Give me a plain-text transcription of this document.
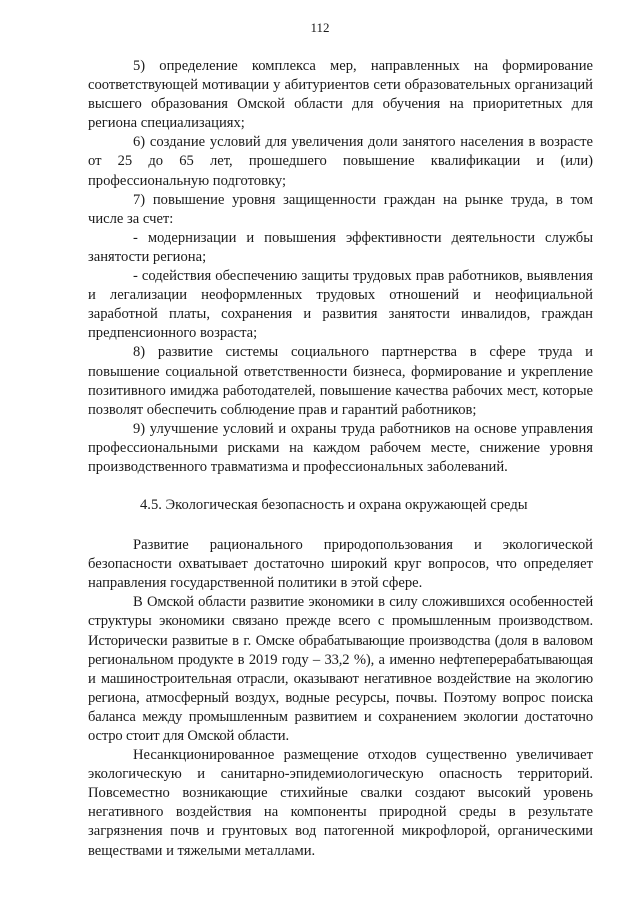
112

5) определение комплекса мер, направленных на формирование соответствующей мотивации у абитуриентов сети образовательных организаций высшего образования Омской области для обучения на приоритетных для региона специализациях;

6) создание условий для увеличения доли занятого населения в возрасте от 25 до 65 лет, прошедшего повышение квалификации и (или) профессиональную подготовку;

7) повышение уровня защищенности граждан на рынке труда, в том числе за счет:

- модернизации и повышения эффективности деятельности службы занятости региона;

- содействия обеспечению защиты трудовых прав работников, выявления и легализации неоформленных трудовых отношений и неофициальной заработной платы, сохранения и развития занятости инвалидов, граждан предпенсионного возраста;

8) развитие системы социального партнерства в сфере труда и повышение социальной ответственности бизнеса, формирование и укрепление позитивного имиджа работодателей, повышение качества рабочих мест, которые позволят обеспечить соблюдение прав и гарантий работников;

9) улучшение условий и охраны труда работников на основе управления профессиональными рисками на каждом рабочем месте, снижение уровня производственного травматизма и профессиональных заболеваний.

4.5. Экологическая безопасность и охрана окружающей среды

Развитие рационального природопользования и экологической безопасности охватывает достаточно широкий круг вопросов, что определяет направления государственной политики в этой сфере.

В Омской области развитие экономики в силу сложившихся особенностей структуры экономики связано прежде всего с промышленным производством. Исторически развитые в г. Омске обрабатывающие производства (доля в валовом региональном продукте в 2019 году – 33,2 %), а именно нефтеперерабатывающая и машиностроительная отрасли, оказывают негативное воздействие на экологию региона, атмосферный воздух, водные ресурсы, почвы. Поэтому вопрос поиска баланса между промышленным развитием и сохранением экологии достаточно остро стоит для Омской области.

Несанкционированное размещение отходов существенно увеличивает экологическую и санитарно-эпидемиологическую опасность территорий. Повсеместно возникающие стихийные свалки создают высокий уровень негативного воздействия на компоненты природной среды в результате загрязнения почв и грунтовых вод патогенной микрофлорой, органическими веществами и тяжелыми металлами.
